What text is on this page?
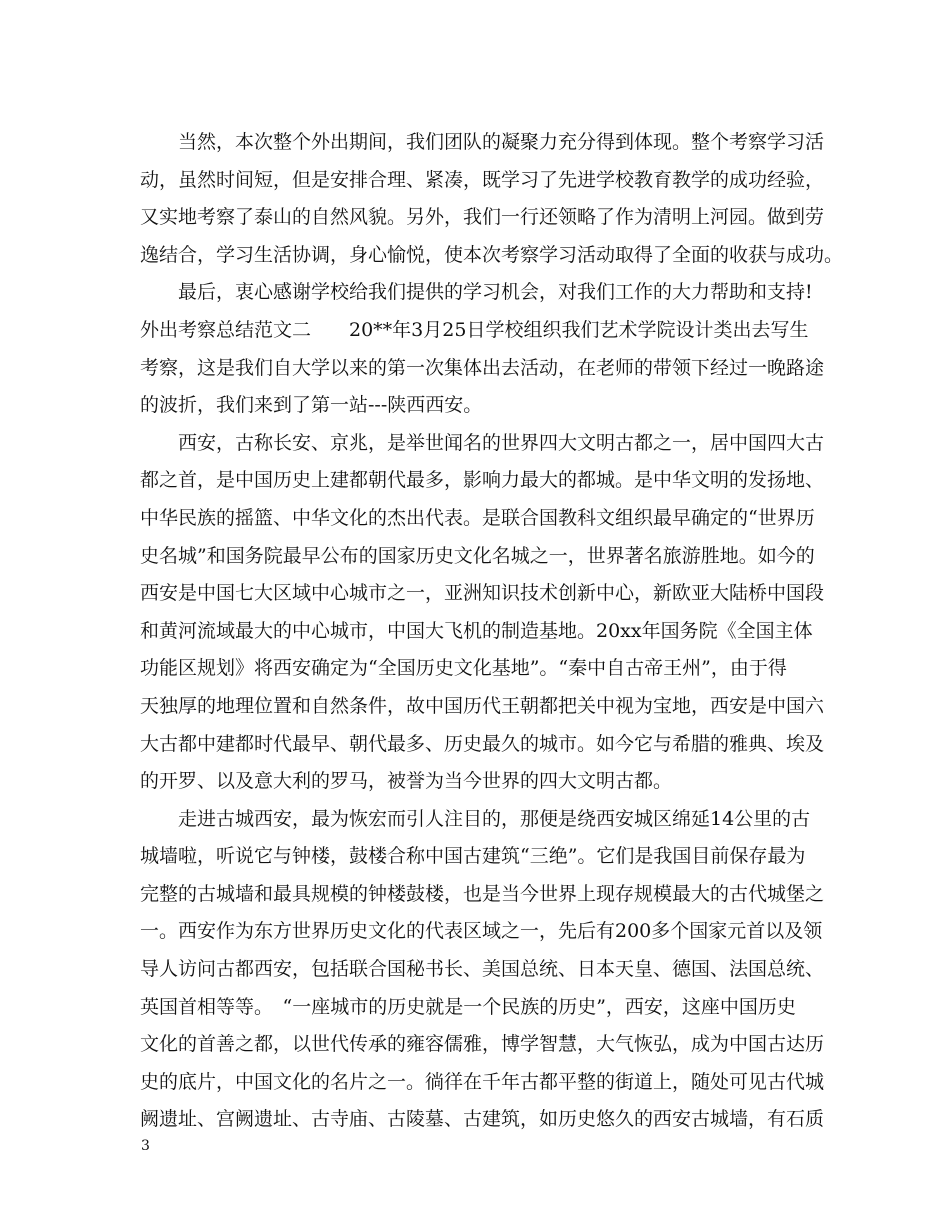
　　当然，本次整个外出期间，我们团队的凝聚力充分得到体现。整个考察学习活
动，虽然时间短，但是安排合理、紧凑，既学习了先进学校教育教学的成功经验，
又实地考察了泰山的自然风貌。另外，我们一行还领略了作为清明上河园。做到劳
逸结合，学习生活协调，身心愉悦，使本次考察学习活动取得了全面的收获与成功。
　　最后，衷心感谢学校给我们提供的学习机会，对我们工作的大力帮助和支持!
外出考察总结范文二　　20**年3月25日学校组织我们艺术学院设计类出去写生
考察，这是我们自大学以来的第一次集体出去活动，在老师的带领下经过一晚路途
的波折，我们来到了第一站---陕西西安。
　　西安，古称长安、京兆，是举世闻名的世界四大文明古都之一，居中国四大古
都之首，是中国历史上建都朝代最多，影响力最大的都城。是中华文明的发扬地、
中华民族的摇篮、中华文化的杰出代表。是联合国教科文组织最早确定的“世界历
史名城”和国务院最早公布的国家历史文化名城之一，世界著名旅游胜地。如今的
西安是中国七大区域中心城市之一，亚洲知识技术创新中心，新欧亚大陆桥中国段
和黄河流域最大的中心城市，中国大飞机的制造基地。20xx年国务院《全国主体
功能区规划》将西安确定为“全国历史文化基地”。“秦中自古帝王州”，由于得
天独厚的地理位置和自然条件，故中国历代王朝都把关中视为宝地，西安是中国六
大古都中建都时代最早、朝代最多、历史最久的城市。如今它与希腊的雅典、埃及
的开罗、以及意大利的罗马，被誉为当今世界的四大文明古都。
　　走进古城西安，最为恢宏而引人注目的，那便是绕西安城区绵延14公里的古
城墙啦，听说它与钟楼，鼓楼合称中国古建筑“三绝”。它们是我国目前保存最为
完整的古城墙和最具规模的钟楼鼓楼，也是当今世界上现存规模最大的古代城堡之
一。西安作为东方世界历史文化的代表区域之一，先后有200多个国家元首以及领
导人访问古都西安，包括联合国秘书长、美国总统、日本天皇、德国、法国总统、
英国首相等等。　“一座城市的历史就是一个民族的历史”，西安，这座中国历史
文化的首善之都，以世代传承的雍容儒雅，博学智慧，大气恢弘，成为中国古达历
史的底片，中国文化的名片之一。徜徉在千年古都平整的街道上，随处可见古代城
阙遗址、宫阙遗址、古寺庙、古陵墓、古建筑，如历史悠久的西安古城墙，有石质
3
